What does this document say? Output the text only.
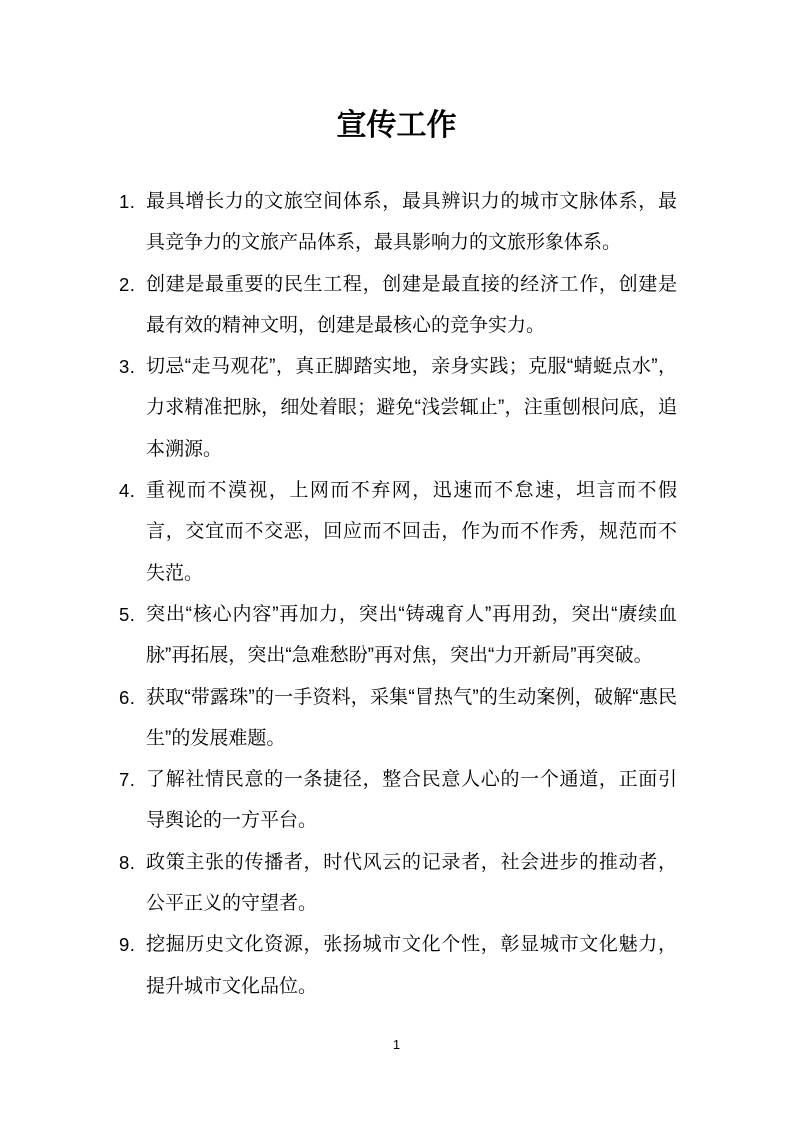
宣传工作
1. 最具增长力的文旅空间体系，最具辨识力的城市文脉体系，最具竞争力的文旅产品体系，最具影响力的文旅形象体系。
2. 创建是最重要的民生工程，创建是最直接的经济工作，创建是最有效的精神文明，创建是最核心的竞争实力。
3. 切忌“走马观花”，真正脚踏实地，亲身实践；克服“蜻蜓点水”，力求精准把脉，细处着眼；避免“浅尝辄止”，注重刨根问底，追本溯源。
4. 重视而不漠视，上网而不弃网，迅速而不怠速，坦言而不假言，交宜而不交恶，回应而不回击，作为而不作秀，规范而不失范。
5. 突出“核心内容”再加力，突出“铸魂育人”再用劲，突出“赓续血脉”再拓展，突出“急难愁盼”再对焦，突出“力开新局”再突破。
6. 获取“带露珠”的一手资料，采集“冒热气”的生动案例，破解“惠民生”的发展难题。
7. 了解社情民意的一条捷径，整合民意人心的一个通道，正面引导舆论的一方平台。
8. 政策主张的传播者，时代风云的记录者，社会进步的推动者，公平正义的守望者。
9. 挖掘历史文化资源，张扬城市文化个性，彰显城市文化魅力，提升城市文化品位。
1
